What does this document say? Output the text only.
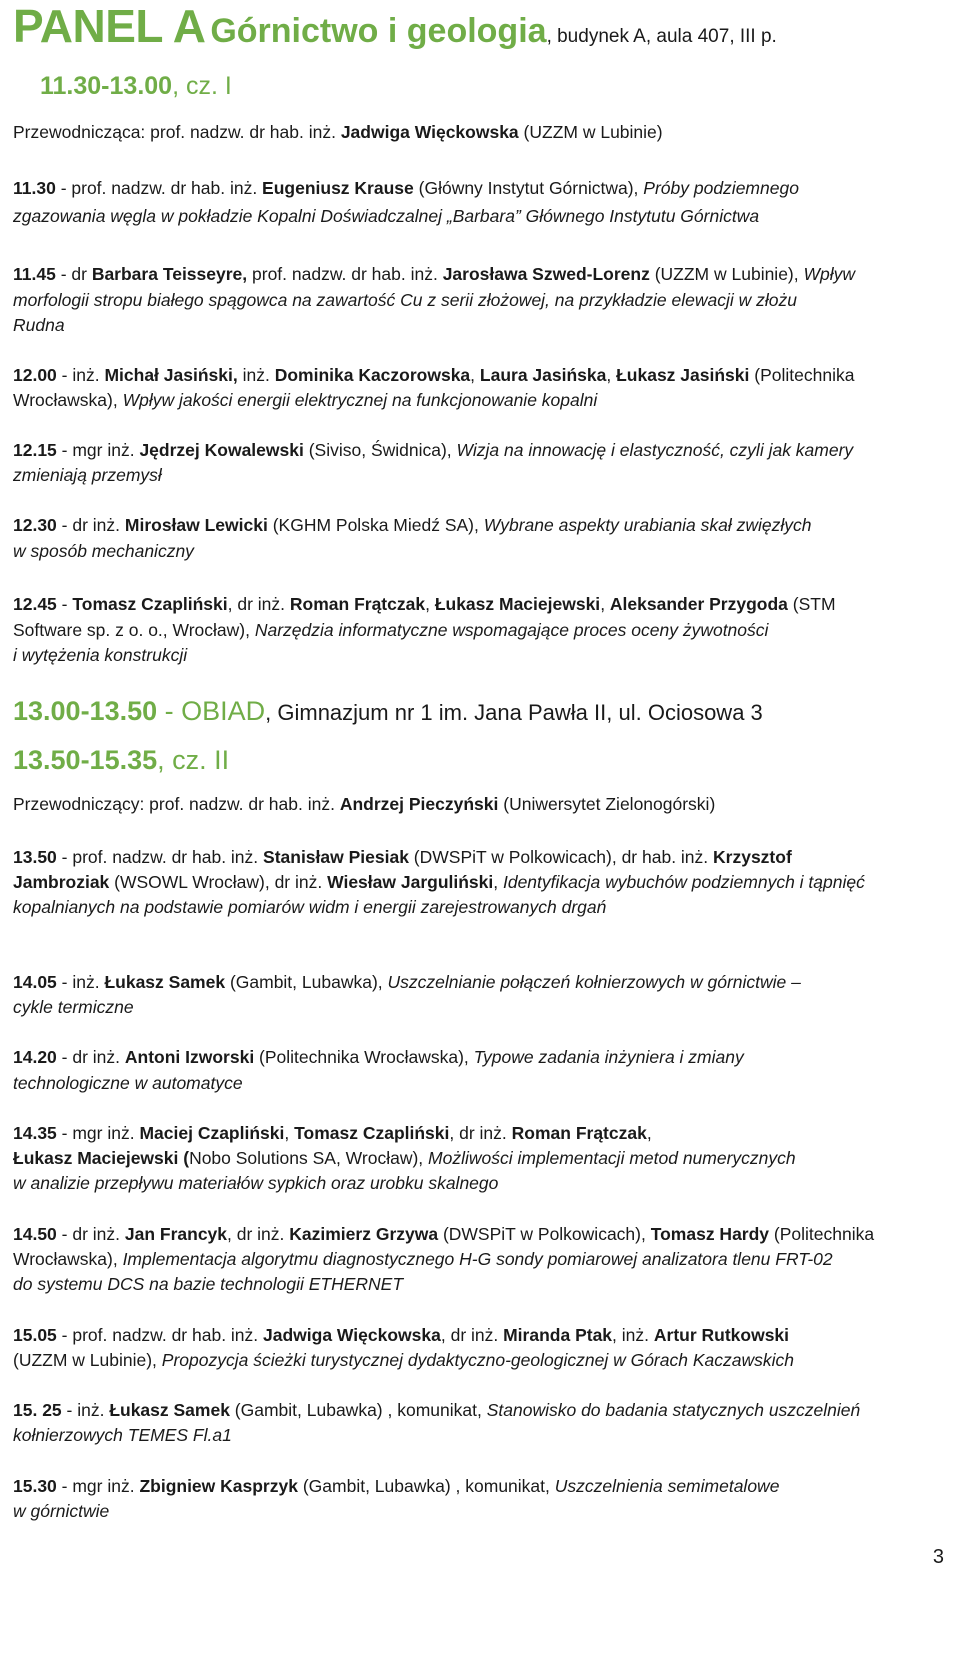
PANEL A Górnictwo i geologia, budynek A, aula 407, III p.
11.30-13.00, cz. I
Przewodnicząca: prof. nadzw. dr hab. inż. Jadwiga Więckowska (UZZM w Lubinie)
11.30 - prof. nadzw. dr hab. inż. Eugeniusz Krause (Główny Instytut Górnictwa), Próby podziemnego
zgazowania węgla w pokładzie Kopalni Doświadczalnej „Barbara” Głównego Instytutu Górnictwa
11.45 - dr Barbara Teisseyre, prof. nadzw. dr hab. inż. Jarosława Szwed-Lorenz (UZZM w Lubinie), Wpływ
morfologii stropu białego spągowca na zawartość Cu z serii złożowej, na przykładzie elewacji w złożu
Rudna
12.00 - inż. Michał Jasiński, inż. Dominika Kaczorowska, Laura Jasińska, Łukasz Jasiński (Politechnika
Wrocławska), Wpływ jakości energii elektrycznej na funkcjonowanie kopalni
12.15 - mgr inż. Jędrzej Kowalewski (Siviso, Świdnica), Wizja na innowację i elastyczność, czyli jak kamery
zmieniają przemysł
12.30 - dr inż. Mirosław Lewicki (KGHM Polska Miedź SA), Wybrane aspekty urabiania skał zwięzłych
w sposób mechaniczny
12.45 - Tomasz Czapliński, dr inż. Roman Frątczak, Łukasz Maciejewski, Aleksander Przygoda (STM
Software sp. z o. o., Wrocław), Narzędzia informatyczne wspomagające proces oceny żywotności
i wytężenia konstrukcji
13.00-13.50 - OBIAD, Gimnazjum nr 1 im. Jana Pawła II, ul. Ociosowa 3
13.50-15.35, cz. II
Przewodniczący: prof. nadzw. dr hab. inż. Andrzej Pieczyński (Uniwersytet Zielonogórski)
13.50 - prof. nadzw. dr hab. inż. Stanisław Piesiak (DWSPiT w Polkowicach), dr hab. inż. Krzysztof
Jambroziak (WSOWL Wrocław), dr inż. Wiesław Jarguliński, Identyfikacja wybuchów podziemnych i tąpnięć
kopalnianych na podstawie pomiarów widm i energii zarejestrowanych drgań
14.05 - inż. Łukasz Samek (Gambit, Lubawka), Uszczelnianie połączeń kołnierzowych w górnictwie –
cykle termiczne
14.20 - dr inż. Antoni Izworski (Politechnika Wrocławska), Typowe zadania inżyniera i zmiany
technologiczne w automatyce
14.35 - mgr inż. Maciej Czapliński, Tomasz Czapliński, dr inż. Roman Frątczak,
Łukasz Maciejewski (Nobo Solutions SA, Wrocław), Możliwości implementacji metod numerycznych
w analizie przepływu materiałów sypkich oraz urobku skalnego
14.50 - dr inż. Jan Francyk, dr inż. Kazimierz Grzywa (DWSPiT w Polkowicach), Tomasz Hardy (Politechnika
Wrocławska), Implementacja algorytmu diagnostycznego H-G sondy pomiarowej analizatora tlenu FRT-02
do systemu DCS na bazie technologii ETHERNET
15.05 - prof. nadzw. dr hab. inż. Jadwiga Więckowska, dr inż. Miranda Ptak, inż. Artur Rutkowski
(UZZM w Lubinie), Propozycja ścieżki turystycznej dydaktyczno-geologicznej w Górach Kaczawskich
15. 25 - inż. Łukasz Samek (Gambit, Lubawka) , komunikat, Stanowisko do badania statycznych uszczelnień
kołnierzowych TEMES Fl.a1
15.30 - mgr inż. Zbigniew Kasprzyk (Gambit, Lubawka) , komunikat, Uszczelnienia semimetalowe
w górnictwie
3
